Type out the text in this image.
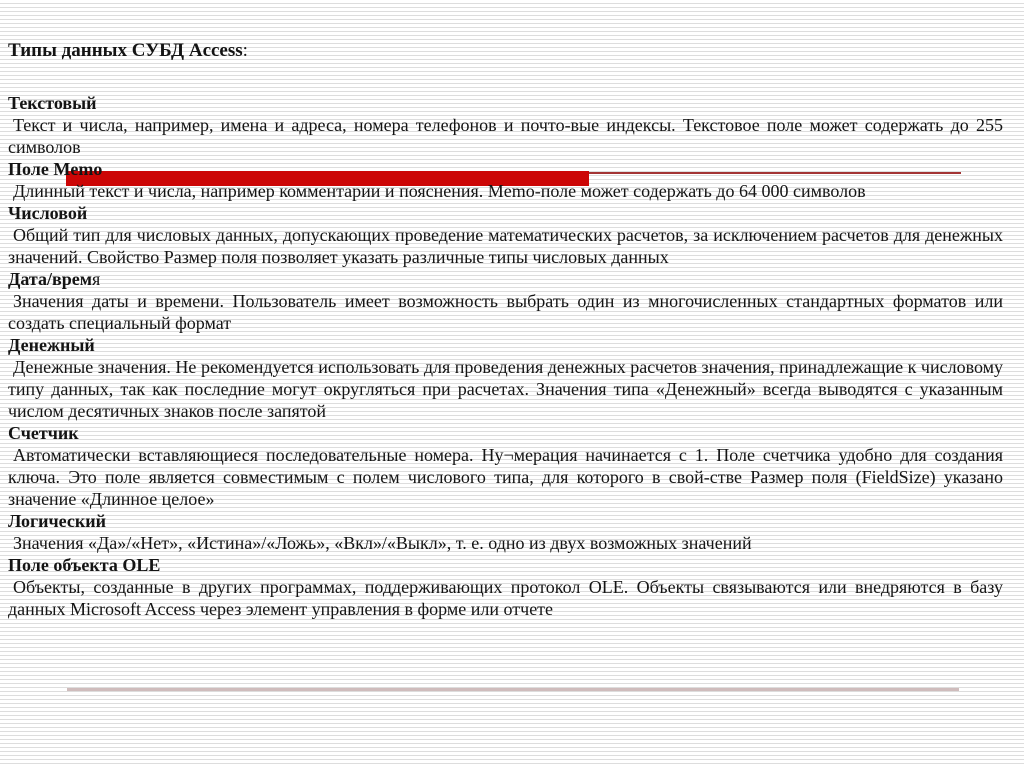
Типы данных СУБД Access:
Текстовый
Текст и числа, например, имена и адреса, номера телефонов и почто-вые индексы. Текстовое поле может содержать до 255 символов
Поле Memo
Длинный текст и числа, например комментарии и пояснения. Memo-поле может содержать до 64 000 символов
Числовой
Общий тип для числовых данных, допускающих проведение математических расчетов, за исключением расчетов для денежных значений. Свойство Размер поля позволяет указать различные типы числовых данных
Дата/время
Значения даты и времени. Пользователь имеет возможность выбрать один из многочисленных стандартных форматов или создать специальный формат
Денежный
Денежные значения. Не рекомендуется использовать для проведения денежных расчетов значения, принадлежащие к числовому типу данных, так как последние могут округляться при расчетах. Значения типа «Денежный» всегда выводятся с указанным числом десятичных знаков после запятой
Счетчик
Автоматически вставляющиеся последовательные номера. Ну¬мерация начинается с 1. Поле счетчика удобно для создания ключа. Это поле является совместимым с полем числового типа, для которого в свой-стве Размер поля (FieldSize) указано значение «Длинное целое»
Логический
Значения «Да»/«Нет», «Истина»/«Ложь», «Вкл»/«Выкл», т. е. одно из двух возможных значений
Поле объекта OLE
Объекты, созданные в других программах, поддерживающих протокол OLE. Объекты связываются или внедряются в базу данных Microsoft Access через элемент управления в форме или отчете
